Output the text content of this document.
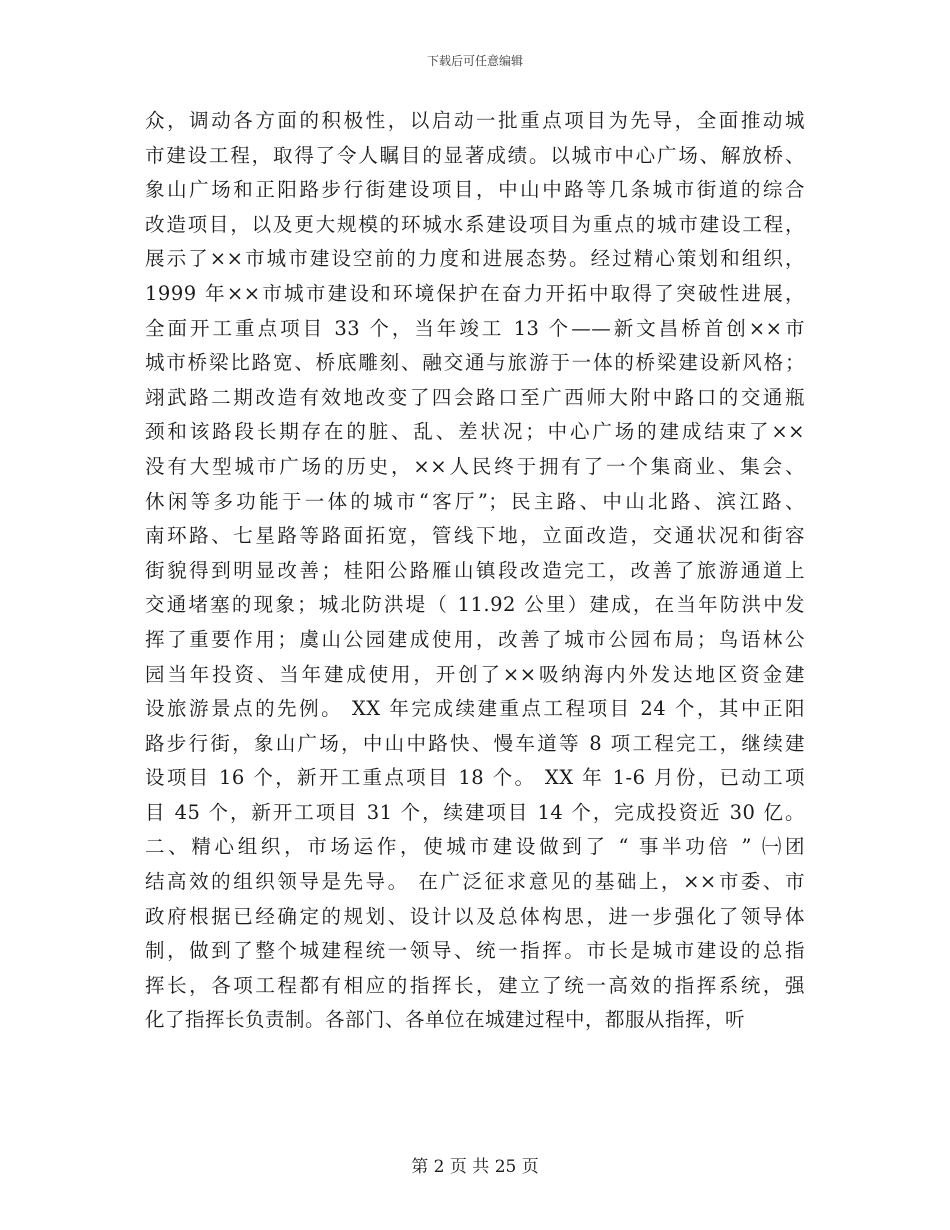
下载后可任意编辑
众，调动各方面的积极性，以启动一批重点项目为先导，全面推动城
市建设工程，取得了令人瞩目的显著成绩。以城市中心广场、解放桥、
象山广场和正阳路步行街建设项目，中山中路等几条城市街道的综合
改造项目，以及更大规模的环城水系建设项目为重点的城市建设工程，
展示了××市城市建设空前的力度和进展态势。经过精心策划和组织，
1999 年××市城市建设和环境保护在奋力开拓中取得了突破性进展，
全面开工重点项目 33 个，当年竣工 13 个——新文昌桥首创××市
城市桥梁比路宽、桥底雕刻、融交通与旅游于一体的桥梁建设新风格；
翊武路二期改造有效地改变了四会路口至广西师大附中路口的交通瓶
颈和该路段长期存在的脏、乱、差状况；中心广场的建成结束了××
没有大型城市广场的历史，××人民终于拥有了一个集商业、集会、
休闲等多功能于一体的城市“客厅”；民主路、中山北路、滨江路、
南环路、七星路等路面拓宽，管线下地，立面改造，交通状况和街容
街貌得到明显改善；桂阳公路雁山镇段改造完工，改善了旅游通道上
交通堵塞的现象；城北防洪堤（ 11.92 公里）建成，在当年防洪中发
挥了重要作用；虞山公园建成使用，改善了城市公园布局；鸟语林公
园当年投资、当年建成使用，开创了××吸纳海内外发达地区资金建
设旅游景点的先例。 XX 年完成续建重点工程项目 24 个，其中正阳
路步行街，象山广场，中山中路快、慢车道等 8 项工程完工，继续建
设项目 16 个，新开工重点项目 18 个。 XX 年 1-6 月份，已动工项
目 45 个，新开工项目 31 个，续建项目 14 个，完成投资近 30 亿。
二、精心组织，市场运作，使城市建设做到了 “ 事半功倍 ” ㈠团
结高效的组织领导是先导。 在广泛征求意见的基础上，××市委、市
政府根据已经确定的规划、设计以及总体构思，进一步强化了领导体
制，做到了整个城建程统一领导、统一指挥。市长是城市建设的总指
挥长，各项工程都有相应的指挥长，建立了统一高效的指挥系统，强
化了指挥长负责制。各部门、各单位在城建过程中，都服从指挥，听
第 2 页 共 25 页
